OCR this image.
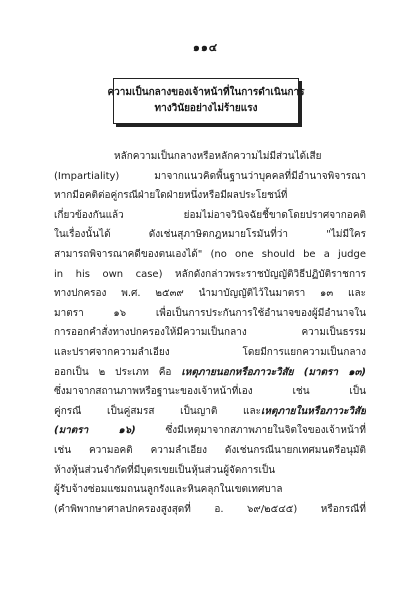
๑๑๔
ความเป็นกลางของเจ้าหน้าที่ในการดำเนินการ
ทางวินัยอย่างไม่ร้ายแรง
หลักความเป็นกลางหรือหลักความไม่มีส่วนได้เสีย
(Impartiality) มาจากแนวคิดพื้นฐานว่าบุคคลที่มีอำนาจพิจารณา
หากมีอคติต่อคู่กรณีฝ่ายใดฝ่ายหนึ่งหรือมีผลประโยชน์ที่
เกี่ยวข้องกันแล้ว ย่อมไม่อาจวินิจฉัยชี้ขาดโดยปราศจากอคติ
ในเรื่องนั้นได้ ดังเช่นสุภาษิตกฎหมายโรมันที่ว่า "ไม่มีใคร
สามารถพิจารณาคดีของตนเองได้" (no one should be a judge
in his own case) หลักดังกล่าวพระราชบัญญัติวิธีปฏิบัติราชการ
ทางปกครอง พ.ศ. ๒๕๓๙ นำมาบัญญัติไว้ในมาตรา ๑๓ และ
มาตรา ๑๖ เพื่อเป็นการประกันการใช้อำนาจของผู้มีอำนาจใน
การออกคำสั่งทางปกครองให้มีความเป็นกลาง ความเป็นธรรม
และปราศจากความลำเอียง โดยมีการแยกความเป็นกลาง
ออกเป็น ๒ ประเภท คือ เหตุภายนอกหรือภาวะวิสัย (มาตรา ๑๓)
ซึ่งมาจากสถานภาพหรือฐานะของเจ้าหน้าที่เอง เช่น เป็น
คู่กรณี เป็นคู่สมรส เป็นญาติ และเหตุภายในหรือภาวะวิสัย
(มาตรา ๑๖) ซึ่งมีเหตุมาจากสภาพภายในจิตใจของเจ้าหน้าที่
เช่น ความอคติ ความลำเอียง ดังเช่นกรณีนายกเทศมนตรีอนุมัติ
ห้างหุ้นส่วนจำกัดที่มีบุตรเขยเป็นหุ้นส่วนผู้จัดการเป็น
ผู้รับจ้างซ่อมแซมถนนลูกรังและหินคลุกในเขตเทศบาล
(คำพิพากษาศาลปกครองสูงสุดที่ อ. ๖๙/๒๕๔๕) หรือกรณีที่
